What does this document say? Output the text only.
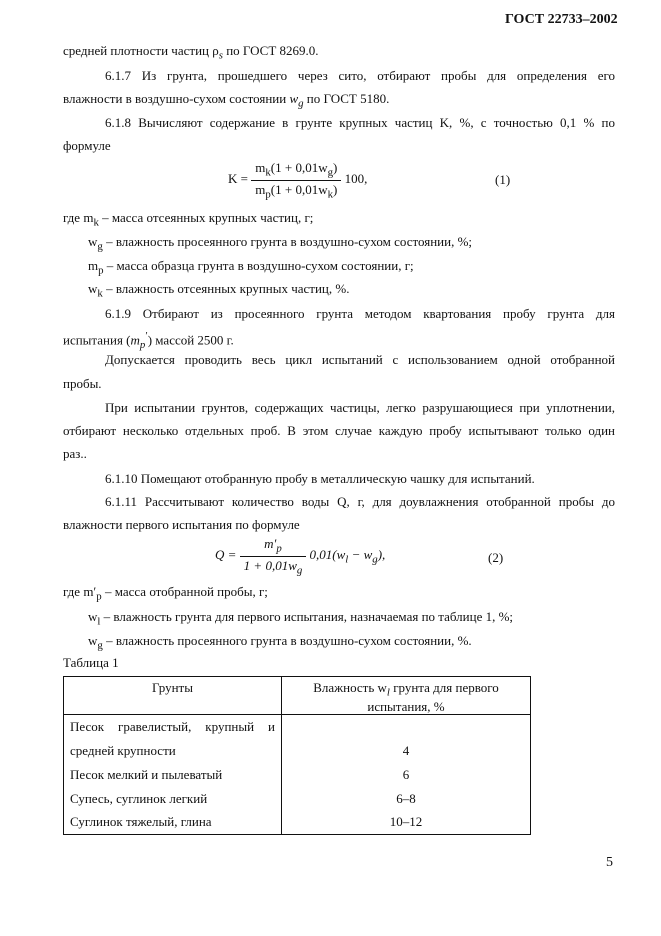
ГОСТ 22733–2002
средней плотности частиц $\rho_s$ по ГОСТ 8269.0.
6.1.7 Из грунта, прошедшего через сито, отбирают пробы для определения его
влажности в воздушно-сухом состоянии $w_g$ по ГОСТ 5180.
6.1.8 Вычисляют содержание в грунте крупных частиц K, %, с точностью 0,1 % по
формуле
$K = \frac{m_k(1 + 0,01w_g)}{m_p(1 + 0,01w_k)} 100$,	(1)
где $m_k$ – масса отсеянных крупных частиц, г;
$w_g$ – влажность просеянного грунта в воздушно-сухом состоянии, %;
$m_p$ – масса образца грунта в воздушно-сухом состоянии, г;
$w_k$ – влажность отсеянных крупных частиц, %.
6.1.9 Отбирают из просеянного грунта методом квартования пробу грунта для
испытания $(m_p')$ массой 2500 г.
Допускается проводить весь цикл испытаний с использованием одной отобранной
пробы.
При испытании грунтов, содержащих частицы, легко разрушающиеся при уплотнении,
отбирают несколько отдельных проб. В этом случае каждую пробу испытывают только один
раз..
6.1.10 Помещают отобранную пробу в металлическую чашку для испытаний.
6.1.11 Рассчитывают количество воды Q, г, для доувлажнения отобранной пробы до
влажности первого испытания по формуле
$Q = \frac{m'_p}{1 + 0,01w_g} 0,01(w_l - w_g)$,	(2)
где $m'_p$ – масса отобранной пробы, г;
$w_l$ – влажность грунта для первого испытания, назначаемая по таблице 1, %;
$w_g$ – влажность просеянного грунта в воздушно-сухом состоянии, %.
Таблица 1
Грунты	Влажность $w_l$ грунта для первого
испытания, %
Песок гравелистый, крупный и	
средней крупности	4
Песок мелкий и пылеватый	6
Супесь, суглинок легкий	6–8
Суглинок тяжелый, глина	10–12
5
